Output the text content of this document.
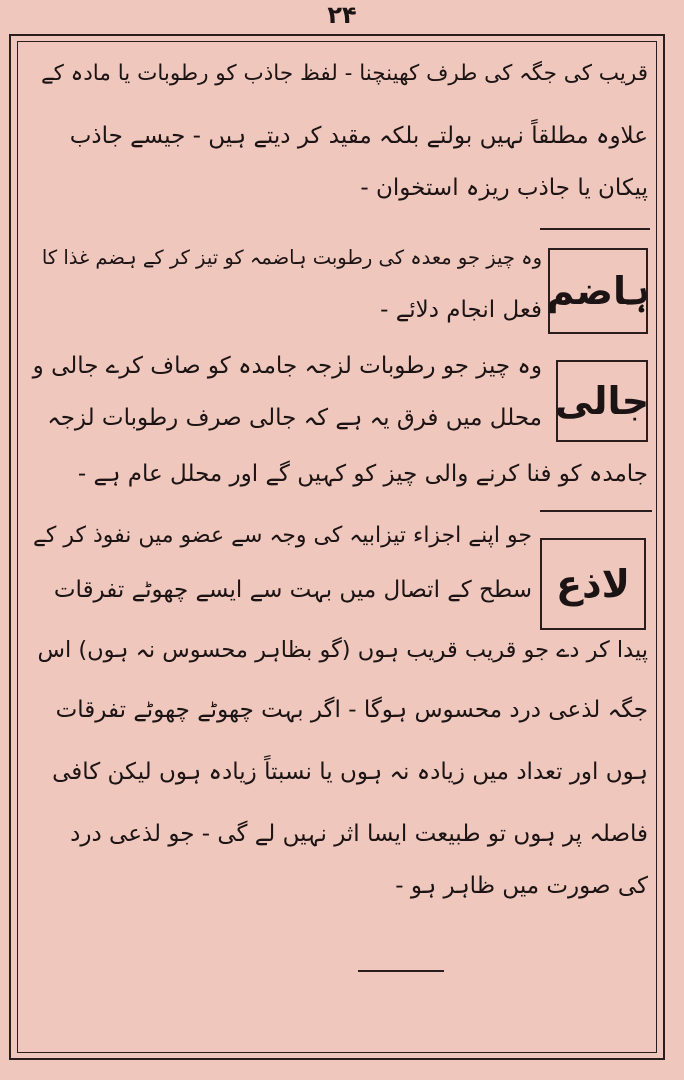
۲۴
قریب کی جگہ کی طرف کھینچنا - لفظ جاذب کو رطوبات یا مادہ کے
علاوہ مطلقاً نہیں بولتے بلکہ مقید کر دیتے ہیں - جیسے جاذب
پیکان یا جاذب ریزہ استخوان -
ہاضم
وہ چیز جو معدہ کی رطوبت ہاضمہ کو تیز کر کے ہضم غذا کا
فعل انجام دلائے -
جالی
وہ چیز جو رطوبات لزجہ جامدہ کو صاف کرے جالی و
محلل میں فرق یہ ہے کہ جالی صرف رطوبات لزجہ
جامدہ کو فنا کرنے والی چیز کو کہیں گے اور محلل عام ہے -
لاذع
جو اپنے اجزاء تیزابیہ کی وجہ سے عضو میں نفوذ کر کے
سطح کے اتصال میں بہت سے ایسے چھوٹے تفرقات
پیدا کر دے جو قریب قریب ہوں (گو بظاہر محسوس نہ ہوں) اس
جگہ لذعی درد محسوس ہوگا - اگر بہت چھوٹے چھوٹے تفرقات
ہوں اور تعداد میں زیادہ نہ ہوں یا نسبتاً زیادہ ہوں لیکن کافی
فاصلہ پر ہوں تو طبیعت ایسا اثر نہیں لے گی - جو لذعی درد
کی صورت میں ظاہر ہو -
